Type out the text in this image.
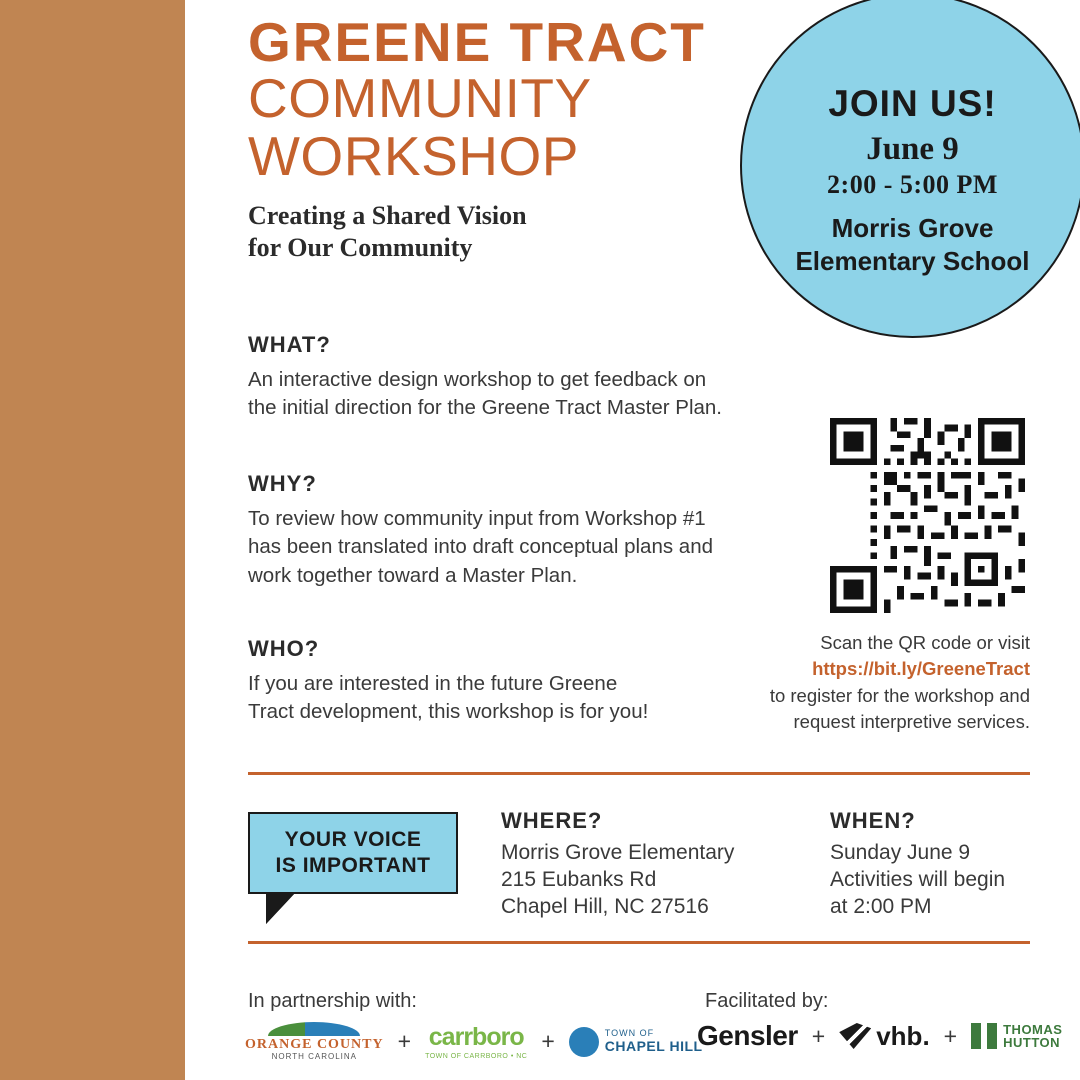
GREENE TRACT
COMMUNITY
WORKSHOP
Creating a Shared Vision
for Our Community
JOIN US!
June 9
2:00 - 5:00 PM
Morris Grove
Elementary School
WHAT?
An interactive design workshop to get feedback on
the initial direction for the Greene Tract Master Plan.
WHY?
To review how community input from Workshop #1
has been translated into draft conceptual plans and
work together toward a Master Plan.
WHO?
If you are interested in the future Greene
Tract development, this workshop is for you!
Scan the QR code or visit
https://bit.ly/GreeneTract
to register for the workshop and
request interpretive services.
YOUR VOICE
IS IMPORTANT
WHERE?
Morris Grove Elementary
215 Eubanks Rd
Chapel Hill, NC 27516
WHEN?
Sunday June 9
Activities will begin
at 2:00 PM
In partnership with:	Facilitated by:
ORANGE COUNTY
NORTH CAROLINA
+ carrboro
TOWN OF CARRBORO • NC
+	TOWN OF
CHAPEL HILL
Gensler + vhb. +	THOMAS
HUTTON
